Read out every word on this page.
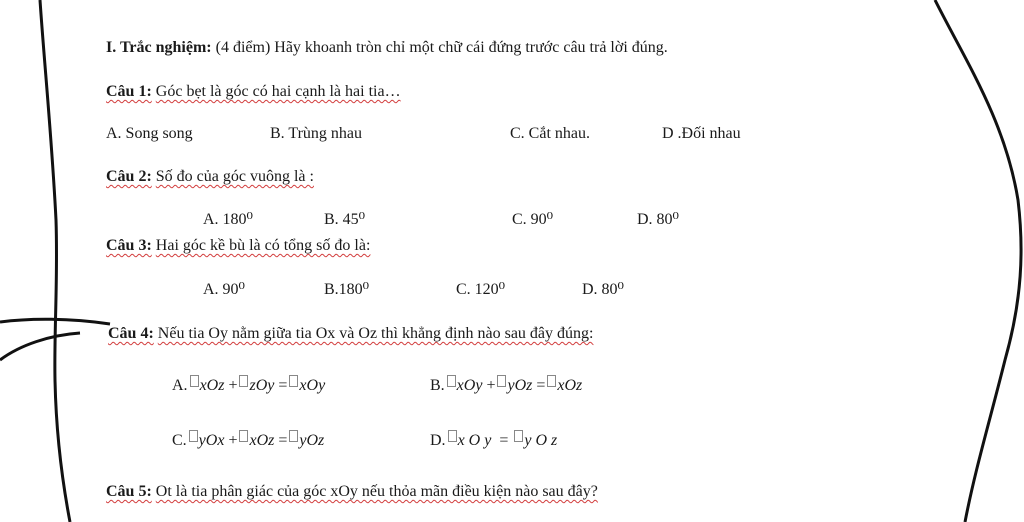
I. Trắc nghiệm: (4 điểm) Hãy khoanh tròn chỉ một chữ cái đứng trước câu trả lời đúng.
Câu 1: Góc bẹt là góc có hai cạnh là hai tia…
A. Song song	B. Trùng nhau	C. Cắt nhau.	D .Đối nhau
Câu 2: Số đo của góc vuông là :
A. 180⁰	B. 45⁰	C. 90⁰	D. 80⁰
Câu 3: Hai góc kề bù là có tổng số đo là:
A. 90⁰	B.180⁰	C. 120⁰	D. 80⁰
Câu 4: Nếu tia Oy nằm giữa tia Ox và Oz thì khẳng định nào sau đây đúng:
A. xOz + zOy = xOy	B. xOy + yOz = xOz
C. yOx + xOz = yOz	D. x O y = y O z
Câu 5: Ot là tia phân giác của góc xOy nếu thỏa mãn điều kiện nào sau đây?
